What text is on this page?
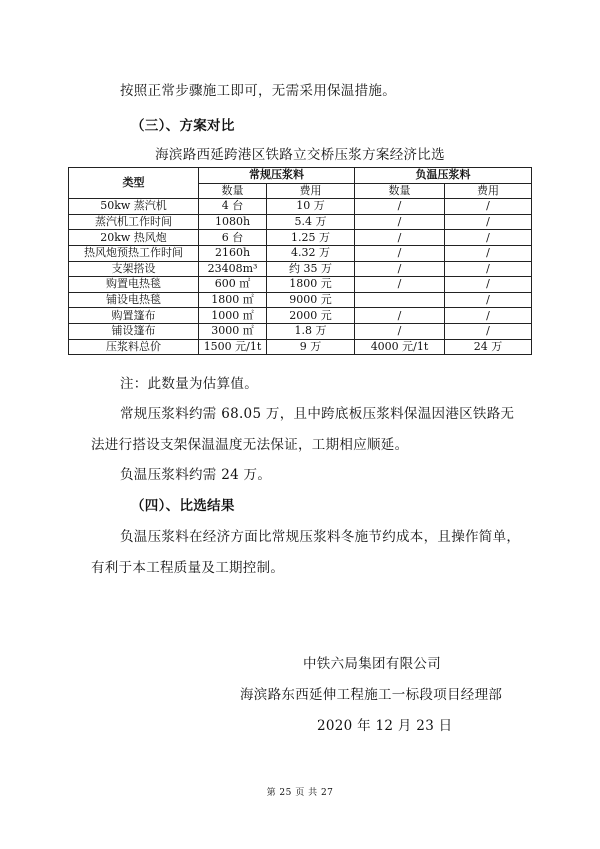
按照正常步骤施工即可，无需采用保温措施。
（三）、方案对比
海滨路西延跨港区铁路立交桥压浆方案经济比选
类型	常规压浆料		负温压浆料	
	数量	费用	数量	费用
50kw 蒸汽机	4 台	10 万	/	/
蒸汽机工作时间	1080h	5.4 万	/	/
20kw 热风炮	6 台	1.25 万	/	/
热风炮预热工作时间	2160h	4.32 万	/	/
支架搭设	23408m³	约 35 万	/	/
购置电热毯	600 ㎡	1800 元	/	/
铺设电热毯	1800 ㎡	9000 元		/
购置篷布	1000 ㎡	2000 元	/	/
铺设篷布	3000 ㎡	1.8 万	/	/
压浆料总价	1500 元/1t	9 万	4000 元/1t	24 万
注：此数量为估算值。
常规压浆料约需 68.05 万，且中跨底板压浆料保温因港区铁路无
法进行搭设支架保温温度无法保证，工期相应顺延。
负温压浆料约需 24 万。
（四）、比选结果
负温压浆料在经济方面比常规压浆料冬施节约成本，且操作简单，
有利于本工程质量及工期控制。
中铁六局集团有限公司
海滨路东西延伸工程施工一标段项目经理部
2020 年 12 月 23 日
第 25 页 共 27
